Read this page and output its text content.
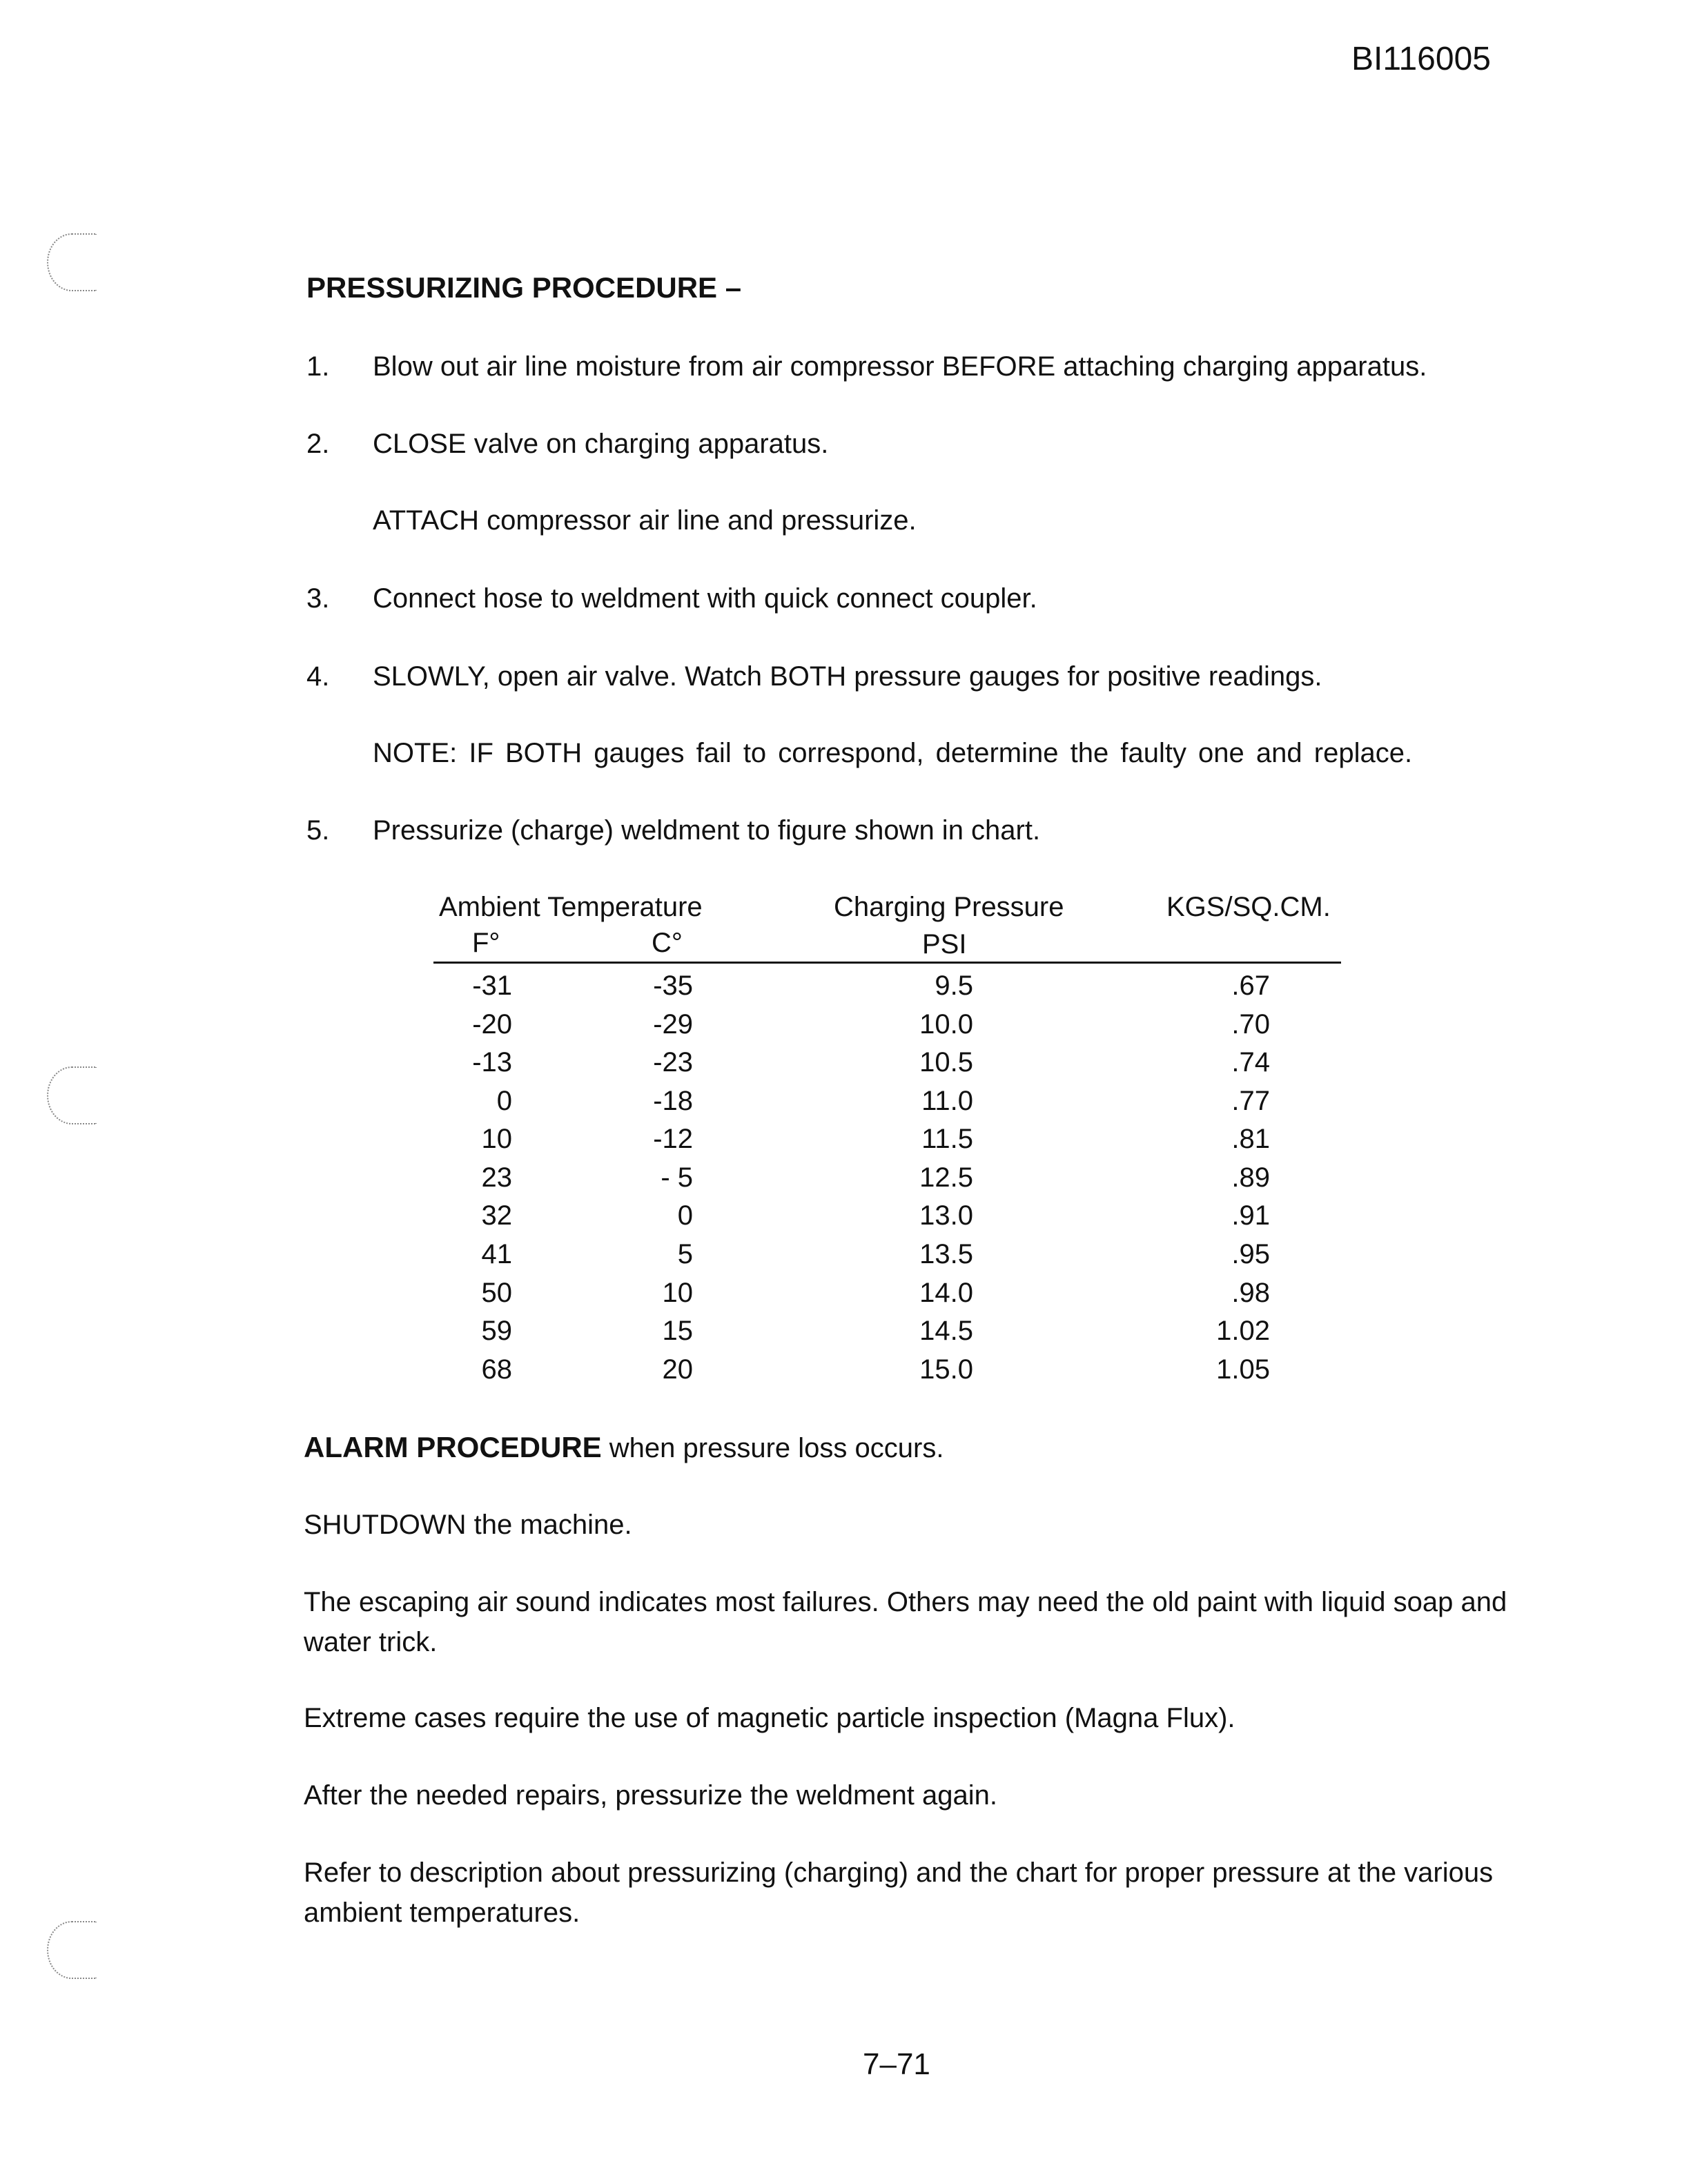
BI116005
PRESSURIZING PROCEDURE –
1. Blow out air line moisture from air compressor BEFORE attaching charging apparatus.
2. CLOSE valve on charging apparatus.
ATTACH compressor air line and pressurize.
3. Connect hose to weldment with quick connect coupler.
4. SLOWLY, open air valve. Watch BOTH pressure gauges for positive readings.
NOTE: IF BOTH gauges fail to correspond, determine the faulty one and replace.
5. Pressurize (charge) weldment to figure shown in chart.
Ambient Temperature
F°	C°
Charging Pressure
PSI
KGS/SQ.CM.
-31	-35	9.5	.67
-20	-29	10.0	.70
-13	-23	10.5	.74
0	-18	11.0	.77
10	-12	11.5	.81
23	- 5	12.5	.89
32	0	13.0	.91
41	5	13.5	.95
50	10	14.0	.98
59	15	14.5	1.02
68	20	15.0	1.05
ALARM PROCEDURE when pressure loss occurs.
SHUTDOWN the machine.
The escaping air sound indicates most failures. Others may need the old paint with liquid soap and water trick.
Extreme cases require the use of magnetic particle inspection (Magna Flux).
After the needed repairs, pressurize the weldment again.
Refer to description about pressurizing (charging) and the chart for proper pressure at the various ambient temperatures.
7–71
